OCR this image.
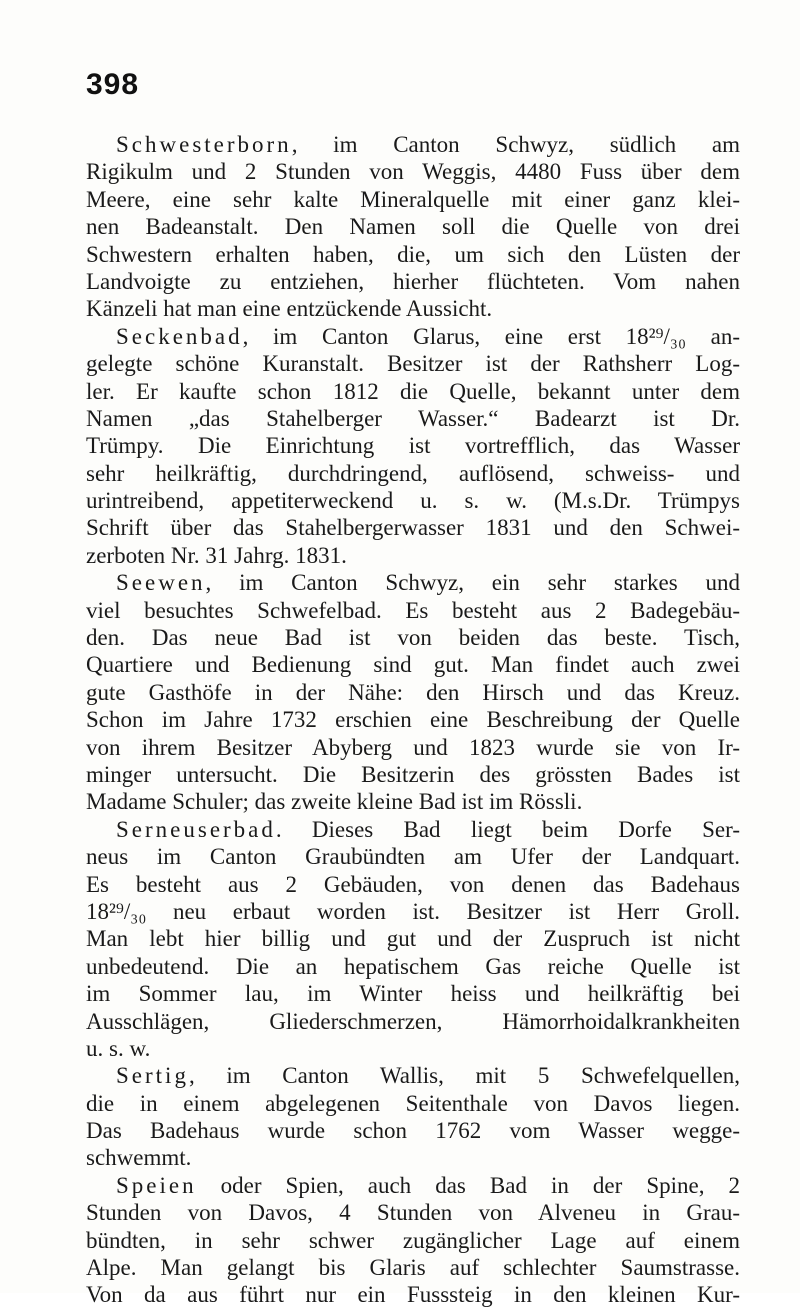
398
Schwesterborn, im Canton Schwyz, südlich am
Rigikulm und 2 Stunden von Weggis, 4480 Fuss über dem
Meere, eine sehr kalte Mineralquelle mit einer ganz klei-
nen Badeanstalt. Den Namen soll die Quelle von drei
Schwestern erhalten haben, die, um sich den Lüsten der
Landvoigte zu entziehen, hierher flüchteten. Vom nahen
Känzeli hat man eine entzückende Aussicht.
Seckenbad, im Canton Glarus, eine erst 18²⁹/₃₀ an-
gelegte schöne Kuranstalt. Besitzer ist der Rathsherr Log-
ler. Er kaufte schon 1812 die Quelle, bekannt unter dem
Namen „das Stahelberger Wasser.“ Badearzt ist Dr.
Trümpy. Die Einrichtung ist vortrefflich, das Wasser
sehr heilkräftig, durchdringend, auflösend, schweiss- und
urintreibend, appetiterweckend u. s. w. (M.s.Dr. Trümpys
Schrift über das Stahelbergerwasser 1831 und den Schwei-
zerboten Nr. 31 Jahrg. 1831.
Seewen, im Canton Schwyz, ein sehr starkes und
viel besuchtes Schwefelbad. Es besteht aus 2 Badegebäu-
den. Das neue Bad ist von beiden das beste. Tisch,
Quartiere und Bedienung sind gut. Man findet auch zwei
gute Gasthöfe in der Nähe: den Hirsch und das Kreuz.
Schon im Jahre 1732 erschien eine Beschreibung der Quelle
von ihrem Besitzer Abyberg und 1823 wurde sie von Ir-
minger untersucht. Die Besitzerin des grössten Bades ist
Madame Schuler; das zweite kleine Bad ist im Rössli.
Serneuserbad. Dieses Bad liegt beim Dorfe Ser-
neus im Canton Graubündten am Ufer der Landquart.
Es besteht aus 2 Gebäuden, von denen das Badehaus
18²⁹/₃₀ neu erbaut worden ist. Besitzer ist Herr Groll.
Man lebt hier billig und gut und der Zuspruch ist nicht
unbedeutend. Die an hepatischem Gas reiche Quelle ist
im Sommer lau, im Winter heiss und heilkräftig bei
Ausschlägen, Gliederschmerzen, Hämorrhoidalkrankheiten
u. s. w.
Sertig, im Canton Wallis, mit 5 Schwefelquellen,
die in einem abgelegenen Seitenthale von Davos liegen.
Das Badehaus wurde schon 1762 vom Wasser wegge-
schwemmt.
Speien oder Spien, auch das Bad in der Spine, 2
Stunden von Davos, 4 Stunden von Alveneu in Grau-
bündten, in sehr schwer zugänglicher Lage auf einem
Alpe. Man gelangt bis Glaris auf schlechter Saumstrasse.
Von da aus führt nur ein Fusssteig in den kleinen Kur-
